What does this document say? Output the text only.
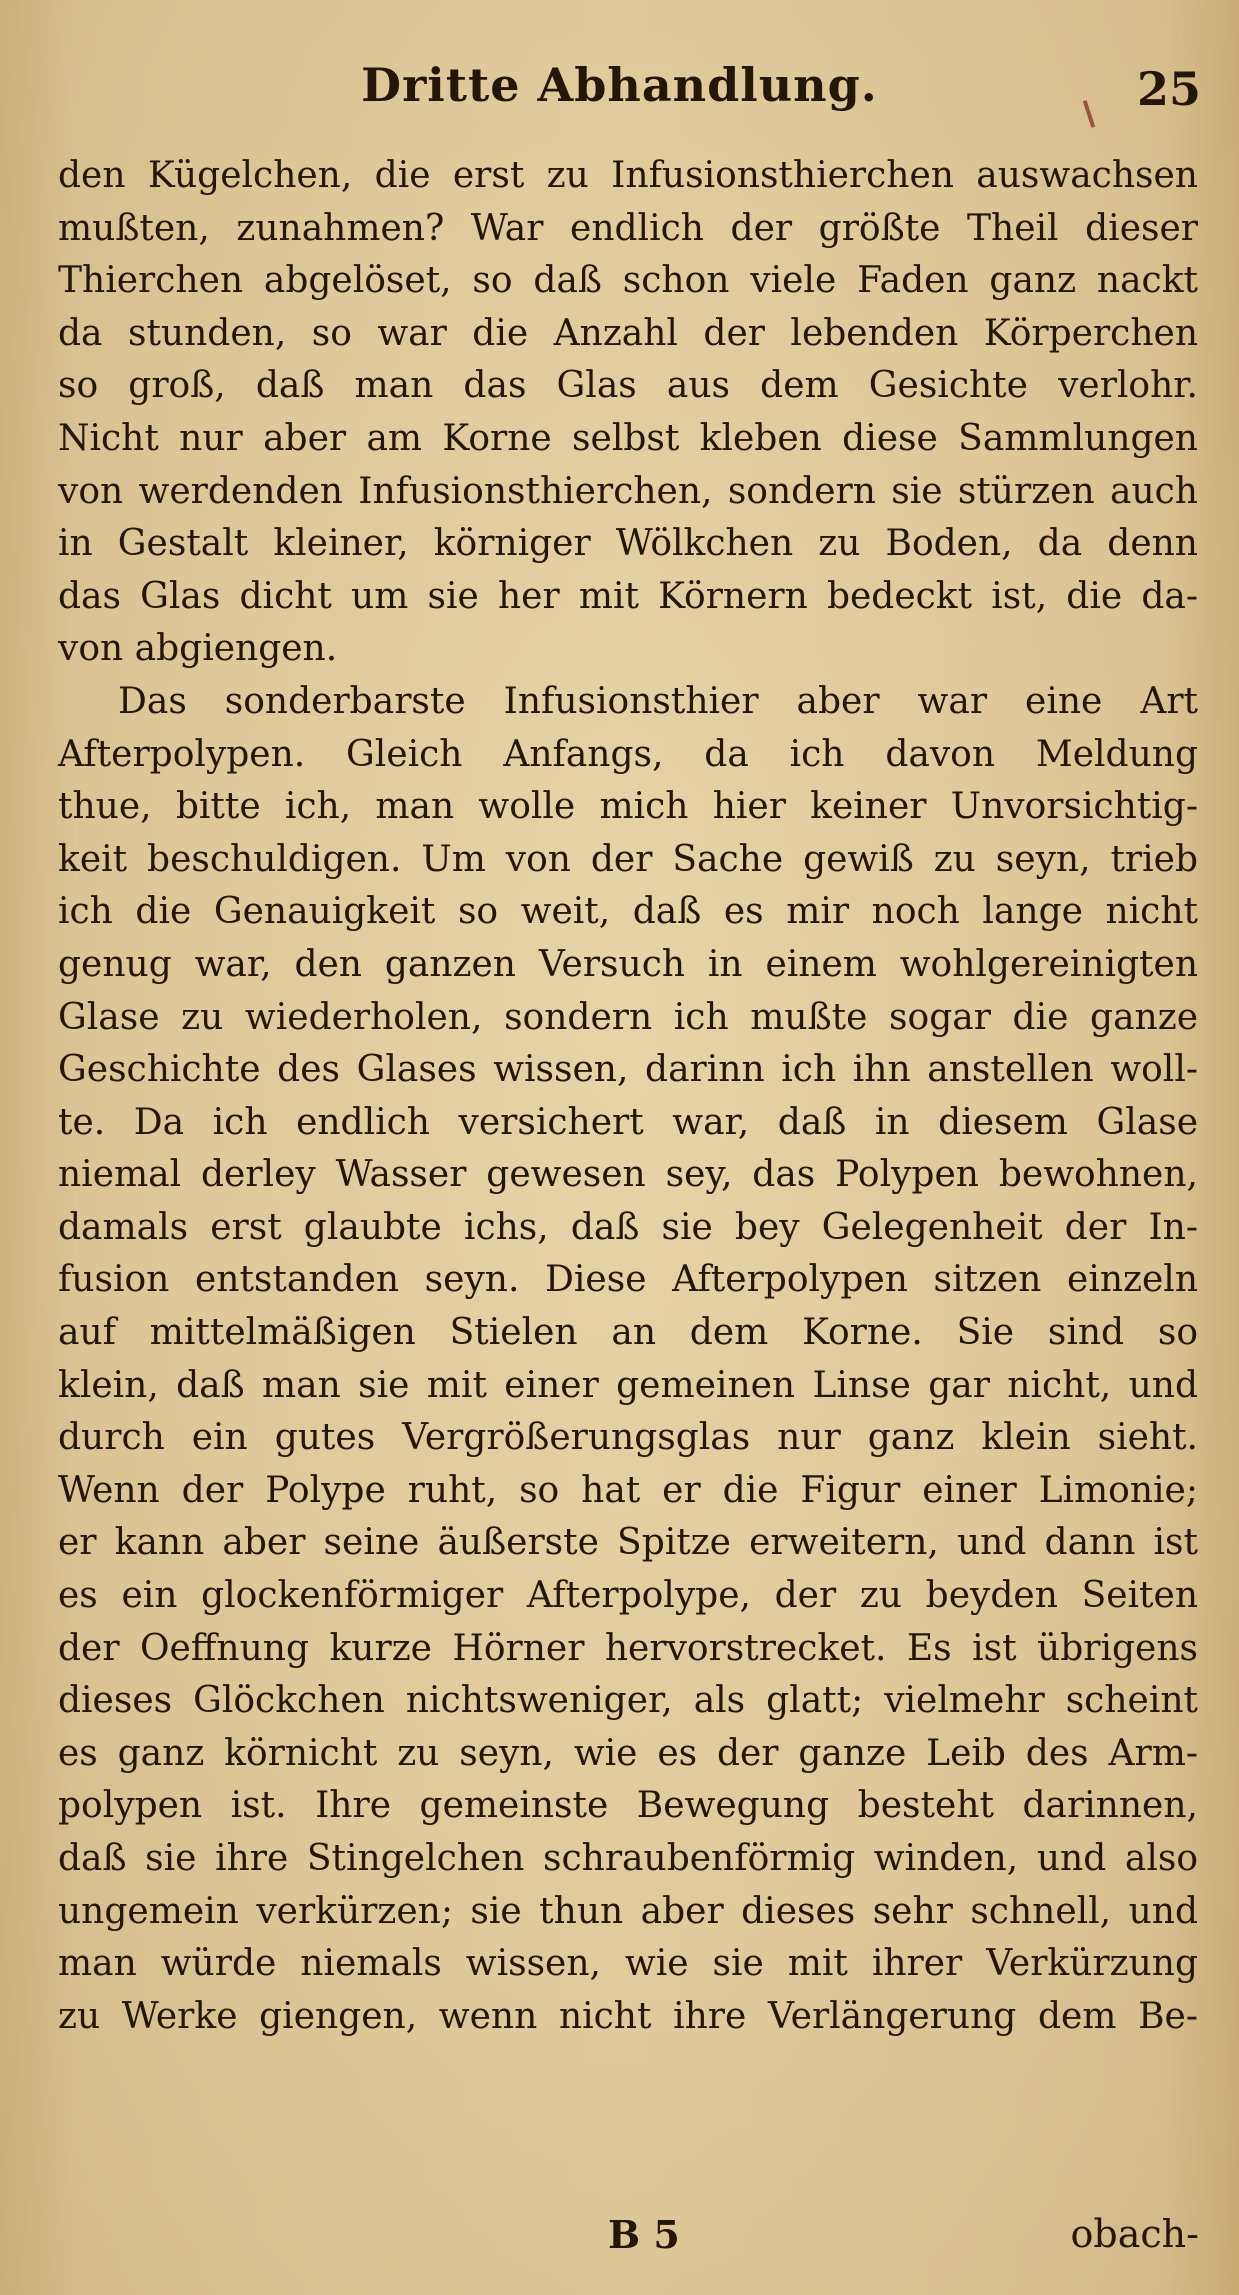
Dritte Abhandlung.	25
den Kügelchen, die erst zu Infusionsthierchen auswachsen
mußten, zunahmen? War endlich der größte Theil dieser
Thierchen abgelöset, so daß schon viele Faden ganz nackt
da stunden, so war die Anzahl der lebenden Körperchen
so groß, daß man das Glas aus dem Gesichte verlohr.
Nicht nur aber am Korne selbst kleben diese Sammlungen
von werdenden Infusionsthierchen, sondern sie stürzen auch
in Gestalt kleiner, körniger Wölkchen zu Boden, da denn
das Glas dicht um sie her mit Körnern bedeckt ist, die da-
von abgiengen.
Das sonderbarste Infusionsthier aber war eine Art
Afterpolypen. Gleich Anfangs, da ich davon Meldung
thue, bitte ich, man wolle mich hier keiner Unvorsichtig-
keit beschuldigen. Um von der Sache gewiß zu seyn, trieb
ich die Genauigkeit so weit, daß es mir noch lange nicht
genug war, den ganzen Versuch in einem wohlgereinigten
Glase zu wiederholen, sondern ich mußte sogar die ganze
Geschichte des Glases wissen, darinn ich ihn anstellen woll-
te. Da ich endlich versichert war, daß in diesem Glase
niemal derley Wasser gewesen sey, das Polypen bewohnen,
damals erst glaubte ichs, daß sie bey Gelegenheit der In-
fusion entstanden seyn. Diese Afterpolypen sitzen einzeln
auf mittelmäßigen Stielen an dem Korne. Sie sind so
klein, daß man sie mit einer gemeinen Linse gar nicht, und
durch ein gutes Vergrößerungsglas nur ganz klein sieht.
Wenn der Polype ruht, so hat er die Figur einer Limonie;
er kann aber seine äußerste Spitze erweitern, und dann ist
es ein glockenförmiger Afterpolype, der zu beyden Seiten
der Oeffnung kurze Hörner hervorstrecket. Es ist übrigens
dieses Glöckchen nichtsweniger, als glatt; vielmehr scheint
es ganz körnicht zu seyn, wie es der ganze Leib des Arm-
polypen ist. Ihre gemeinste Bewegung besteht darinnen,
daß sie ihre Stingelchen schraubenförmig winden, und also
ungemein verkürzen; sie thun aber dieses sehr schnell, und
man würde niemals wissen, wie sie mit ihrer Verkürzung
zu Werke giengen, wenn nicht ihre Verlängerung dem Be-
B 5	obach-
